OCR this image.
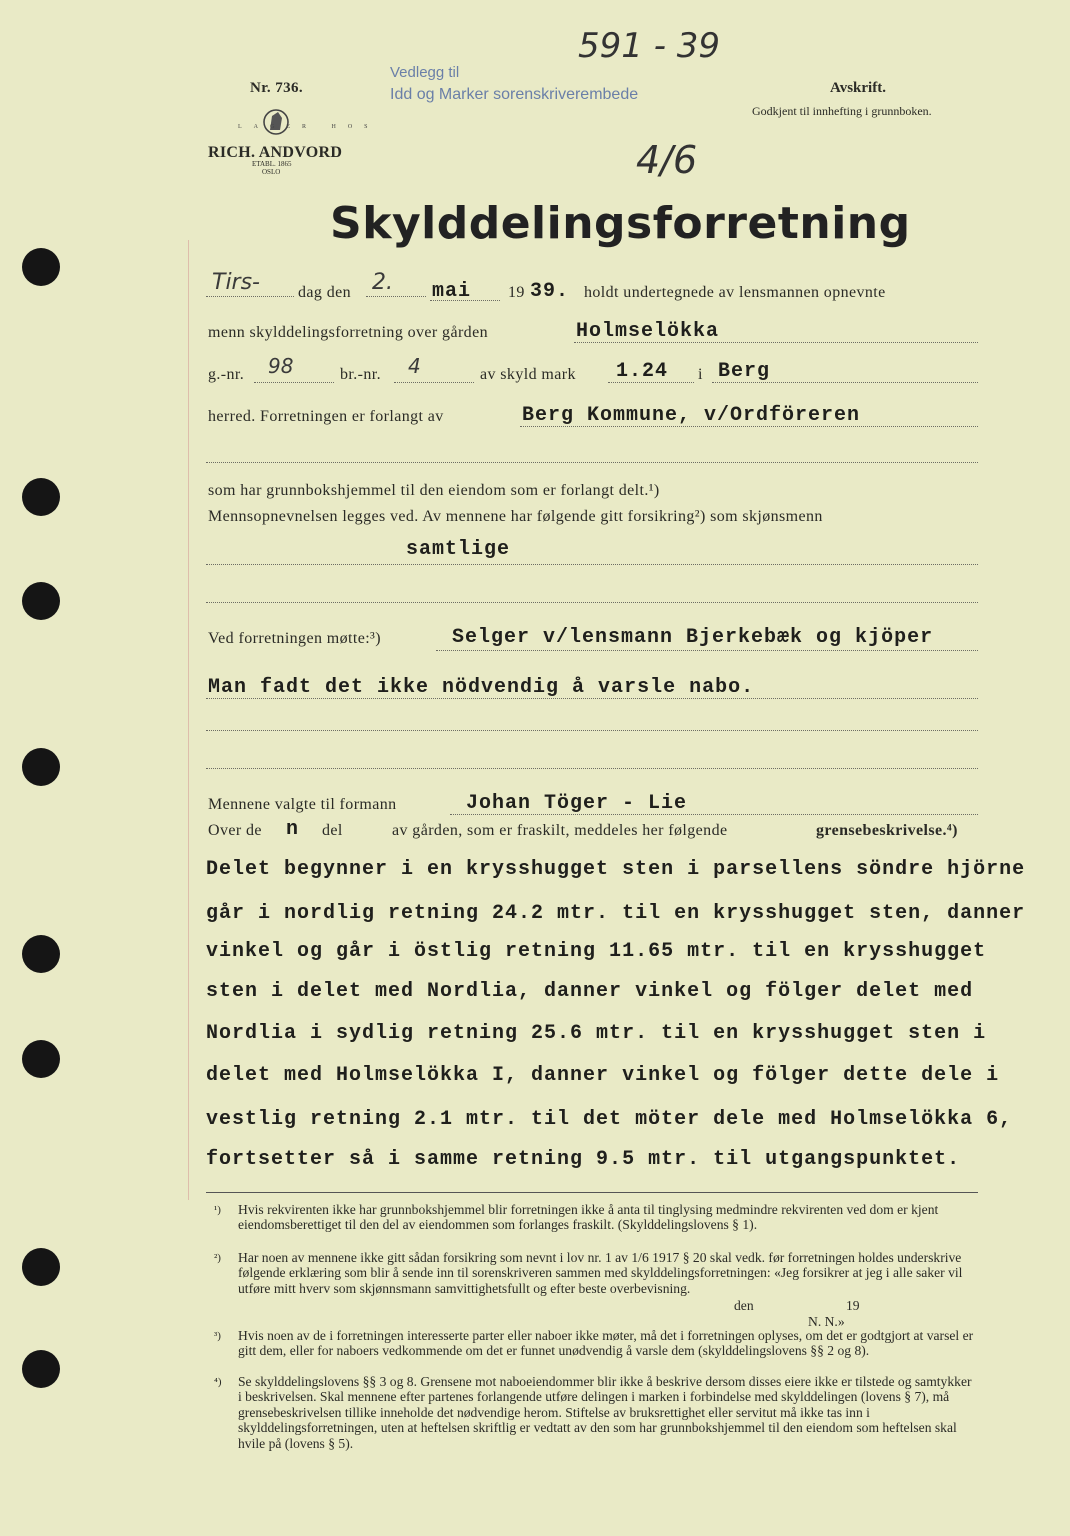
Nr. 736.
LAGER HOS
RICH. ANDVORD
ETABL. 1865
OSLO
Vedlegg til
Idd og Marker sorenskriverembede
591 - 39
4/6
Avskrift.
Godkjent til innhefting i grunnboken.
Skylddelingsforretning
Tirs- dag den 2. mai 19 39. holdt undertegnede av lensmannen opnevnte
menn skylddelingsforretning over gården	Holmselökka
g.-nr. 98	br.-nr. 4	av skyld mark 1.24 i Berg
herred. Forretningen er forlangt av	Berg Kommune, v/Ordföreren
som har grunnbokshjemmel til den eiendom som er forlangt delt.¹)
Mennsopnevnelsen legges ved. Av mennene har følgende gitt forsikring²) som skjønsmenn
samtlige
Ved forretningen møtte:³)	Selger v/lensmann Bjerkebæk og kjöper
Man fadt det ikke nödvendig å varsle nabo.
Mennene valgte til formann	Johan Töger - Lie
Over de n del	av gården, som er fraskilt, meddeles her følgende	grensebeskrivelse.⁴)
Delet begynner i en krysshugget sten i parsellens söndre hjörne
går i nordlig retning 24.2 mtr. til en krysshugget sten, danner
vinkel og går i östlig retning 11.65 mtr. til en krysshugget
sten i delet med Nordlia, danner vinkel og fölger delet med
Nordlia i sydlig retning 25.6 mtr. til en krysshugget sten i
delet med Holmselökka I, danner vinkel og fölger dette dele i
vestlig retning 2.1 mtr. til det möter dele med Holmselökka 6,
fortsetter så i samme retning 9.5 mtr. til utgangspunktet.
¹) Hvis rekvirenten ikke har grunnbokshjemmel blir forretningen ikke å anta til tinglysing medmindre rekvirenten ved dom er kjent eiendomsberettiget til den del av eiendommen som forlanges fraskilt. (Skylddelingslovens § 1).
²) Har noen av mennene ikke gitt sådan forsikring som nevnt i lov nr. 1 av 1/6 1917 § 20 skal vedk. før forretningen holdes underskrive følgende erklæring som blir å sende inn til sorenskriveren sammen med skylddelingsforretningen: «Jeg forsikrer at jeg i alle saker vil utføre mitt hverv som skjønnsmann samvittighetsfullt og efter beste overbevisning.
den	19
N. N.»
³) Hvis noen av de i forretningen interesserte parter eller naboer ikke møter, må det i forretningen oplyses, om det er godtgjort at varsel er gitt dem, eller for naboers vedkommende om det er funnet unødvendig å varsle dem (skylddelingslovens §§ 2 og 8).
⁴) Se skylddelingslovens §§ 3 og 8. Grensene mot naboeiendommer blir ikke å beskrive dersom disses eiere ikke er tilstede og samtykker i beskrivelsen. Skal mennene efter partenes forlangende utføre delingen i marken i forbindelse med skylddelingen (lovens § 7), må grensebeskrivelsen tillike inneholde det nødvendige herom. Stiftelse av bruksrettighet eller servitut må ikke tas inn i skylddelingsforretningen, uten at heftelsen skriftlig er vedtatt av den som har grunnbokshjemmel til den eiendom som heftelsen skal hvile på (lovens § 5).
